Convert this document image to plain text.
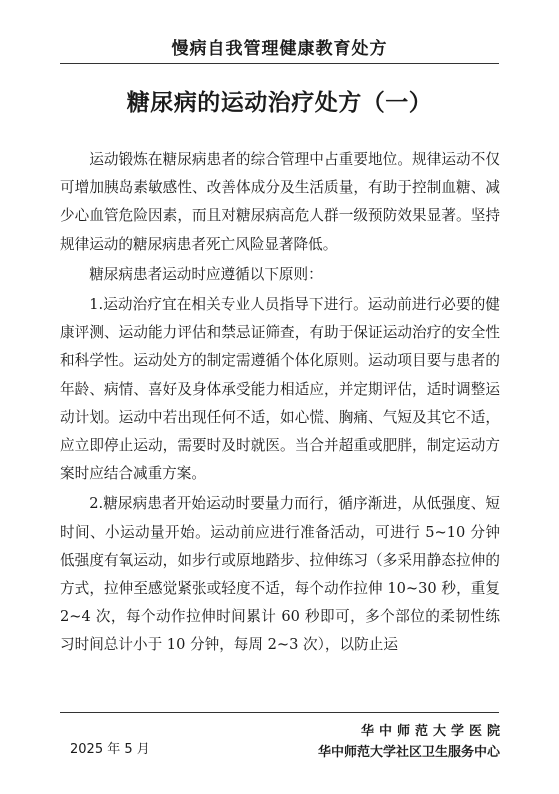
慢病自我管理健康教育处方
糖尿病的运动治疗处方（一）

运动锻炼在糖尿病患者的综合管理中占重要地位。规律运动不仅可增加胰岛素敏感性、改善体成分及生活质量，有助于控制血糖、减少心血管危险因素，而且对糖尿病高危人群一级预防效果显著。坚持规律运动的糖尿病患者死亡风险显著降低。

糖尿病患者运动时应遵循以下原则：

1.运动治疗宜在相关专业人员指导下进行。运动前进行必要的健康评测、运动能力评估和禁忌证筛查，有助于保证运动治疗的安全性和科学性。运动处方的制定需遵循个体化原则。运动项目要与患者的年龄、病情、喜好及身体承受能力相适应，并定期评估，适时调整运动计划。运动中若出现任何不适，如心慌、胸痛、气短及其它不适，应立即停止运动，需要时及时就医。当合并超重或肥胖，制定运动方案时应结合减重方案。

2.糖尿病患者开始运动时要量力而行，循序渐进，从低强度、短时间、小运动量开始。运动前应进行准备活动，可进行 5~10 分钟低强度有氧运动，如步行或原地踏步、拉伸练习（多采用静态拉伸的方式，拉伸至感觉紧张或轻度不适，每个动作拉伸 10~30 秒，重复 2~4 次，每个动作拉伸时间累计 60 秒即可，多个部位的柔韧性练习时间总计小于 10 分钟，每周 2~3 次），以防止运

2025 年 5 月
华中师范大学医院
华中师范大学社区卫生服务中心
